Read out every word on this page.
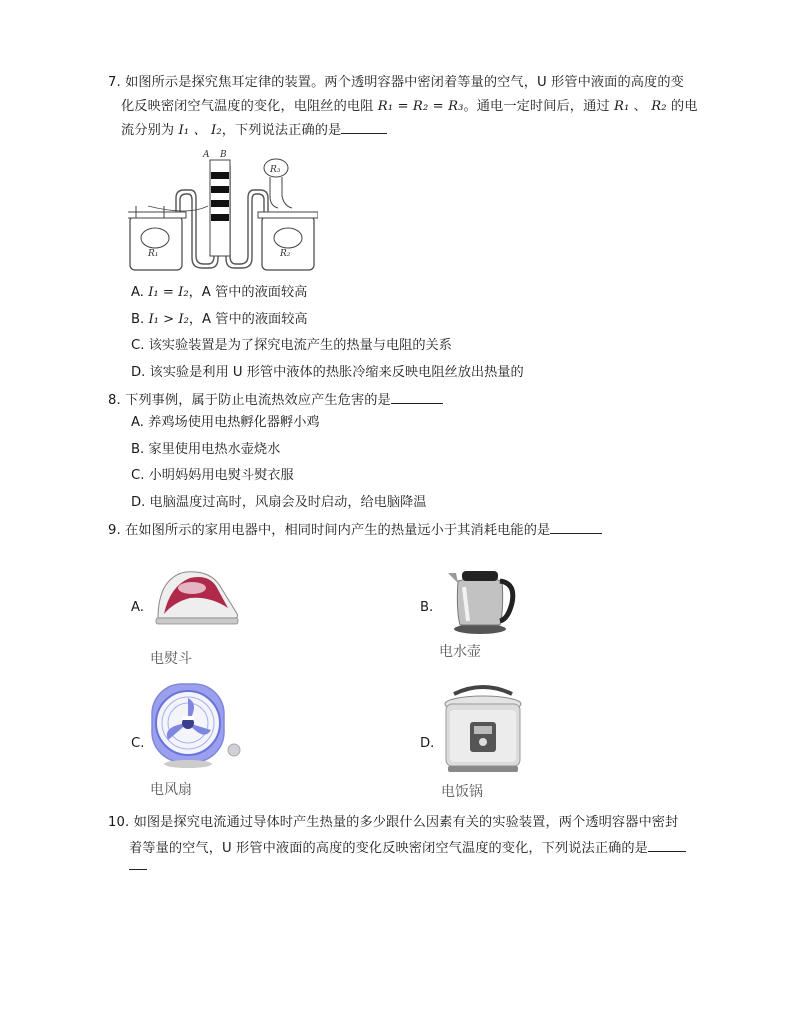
7. 如图所示是探究焦耳定律的装置。两个透明容器中密闭着等量的空气，U 形管中液面的高度的变
化反映密闭空气温度的变化，电阻丝的电阻 R₁ = R₂ = R₃。通电一定时间后，通过 R₁ 、 R₂ 的电
流分别为 I₁ 、 I₂，下列说法正确的是
R₁	R₂
A B
R₃
A. I₁ = I₂，A 管中的液面较高
B. I₁ > I₂，A 管中的液面较高
C. 该实验装置是为了探究电流产生的热量与电阻的关系
D. 该实验是利用 U 形管中液体的热胀冷缩来反映电阻丝放出热量的
8. 下列事例，属于防止电流热效应产生危害的是
A. 养鸡场使用电热孵化器孵小鸡
B. 家里使用电热水壶烧水
C. 小明妈妈用电熨斗熨衣服
D. 电脑温度过高时，风扇会及时启动，给电脑降温
9. 在如图所示的家用电器中，相同时间内产生的热量远小于其消耗电能的是
A.
电熨斗
B.
电水壶
C.
电风扇
D.
电饭锅
10. 如图是探究电流通过导体时产生热量的多少跟什么因素有关的实验装置，两个透明容器中密封
着等量的空气，U 形管中液面的高度的变化反映密闭空气温度的变化，下列说法正确的是
